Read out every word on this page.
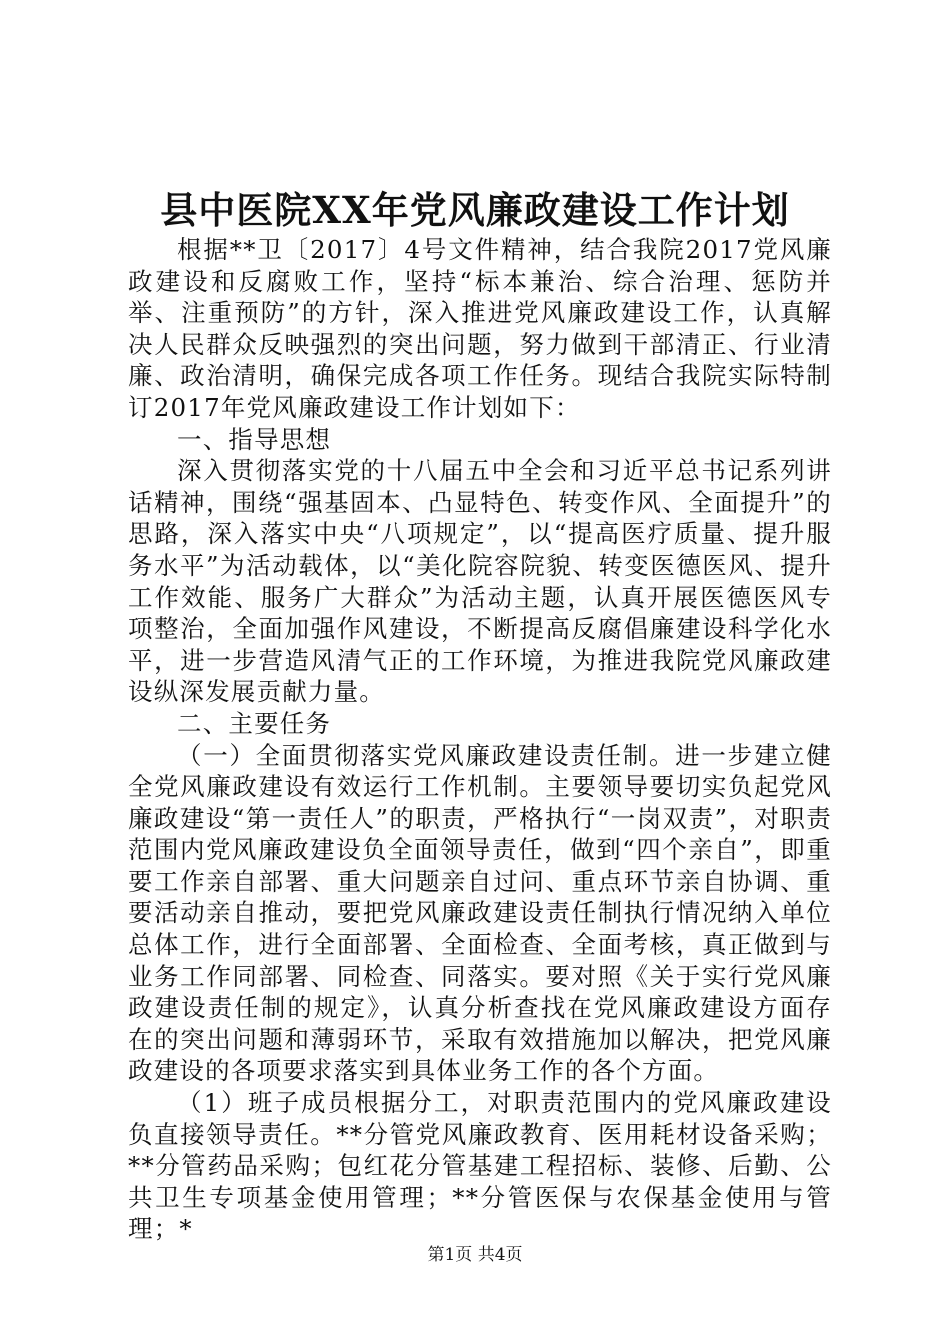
县中医院XX年党风廉政建设工作计划

根据**卫〔2017〕4号文件精神，结合我院2017党风廉政建设和反腐败工作，坚持“标本兼治、综合治理、惩防并举、注重预防”的方针，深入推进党风廉政建设工作，认真解决人民群众反映强烈的突出问题，努力做到干部清正、行业清廉、政治清明，确保完成各项工作任务。现结合我院实际特制订2017年党风廉政建设工作计划如下：

一、指导思想

深入贯彻落实党的十八届五中全会和习近平总书记系列讲话精神，围绕“强基固本、凸显特色、转变作风、全面提升”的思路，深入落实中央“八项规定”，以“提高医疗质量、提升服务水平”为活动载体，以“美化院容院貌、转变医德医风、提升工作效能、服务广大群众”为活动主题，认真开展医德医风专项整治，全面加强作风建设，不断提高反腐倡廉建设科学化水平，进一步营造风清气正的工作环境，为推进我院党风廉政建设纵深发展贡献力量。

二、主要任务

（一）全面贯彻落实党风廉政建设责任制。进一步建立健全党风廉政建设有效运行工作机制。主要领导要切实负起党风廉政建设“第一责任人”的职责，严格执行“一岗双责”，对职责范围内党风廉政建设负全面领导责任，做到“四个亲自”，即重要工作亲自部署、重大问题亲自过问、重点环节亲自协调、重要活动亲自推动，要把党风廉政建设责任制执行情况纳入单位总体工作，进行全面部署、全面检查、全面考核，真正做到与业务工作同部署、同检查、同落实。要对照《关于实行党风廉政建设责任制的规定》，认真分析查找在党风廉政建设方面存在的突出问题和薄弱环节，采取有效措施加以解决，把党风廉政建设的各项要求落实到具体业务工作的各个方面。

（1）班子成员根据分工，对职责范围内的党风廉政建设负直接领导责任。**分管党风廉政教育、医用耗材设备采购；**分管药品采购；包红花分管基建工程招标、装修、后勤、公共卫生专项基金使用管理；**分管医保与农保基金使用与管理；*

第1页 共4页
